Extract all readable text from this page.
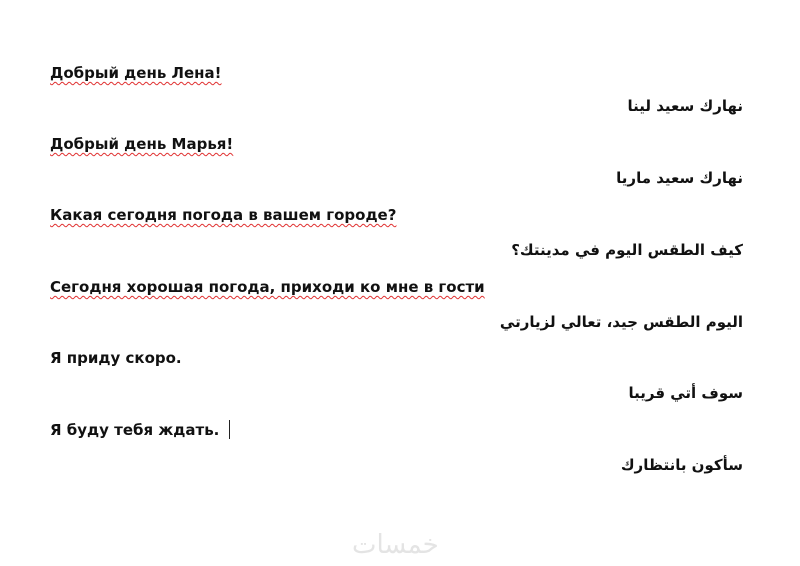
Добрый день Лена!
نهارك سعيد لينا
Добрый день Марья!
نهارك سعيد ماريا
Какая сегодня погода в вашем городе?
كيف الطقس اليوم في مدينتك؟
Сегодня хорошая погода, приходи ко мне в гости
اليوم الطقس جيد، تعالي لزيارتي
Я приду скоро.
سوف أتي قريبا
Я буду тебя ждать.
سأكون بانتظارك
خمسات
